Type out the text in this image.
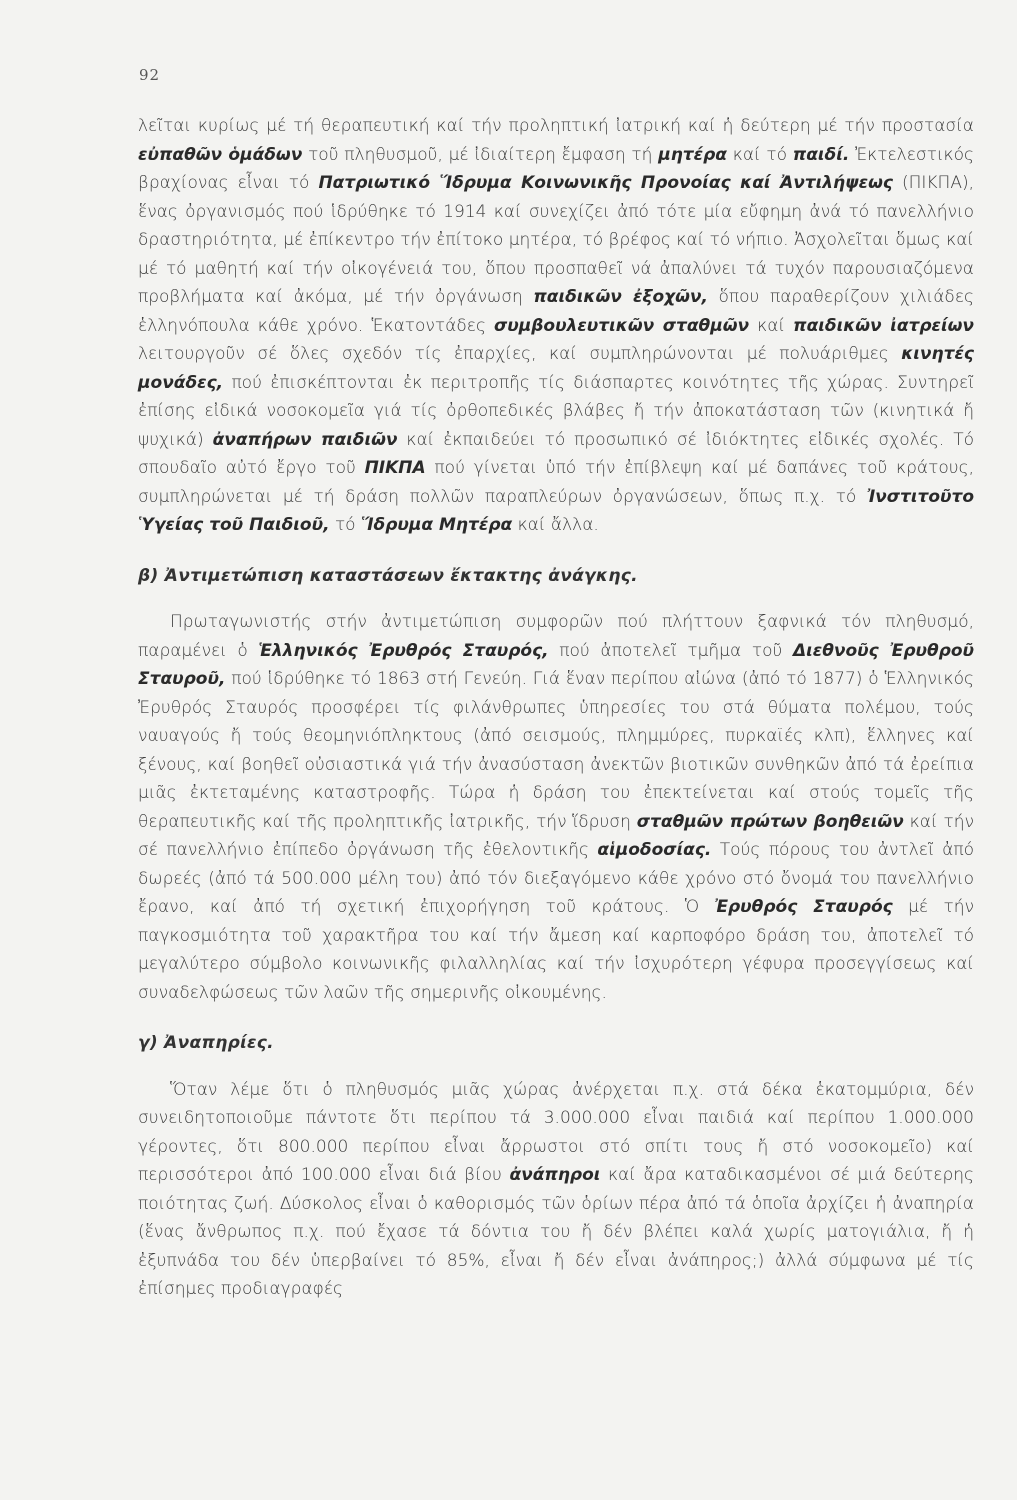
92

λεῖται κυρίως μέ τή θεραπευτική καί τήν προληπτική ἰατρική καί ἡ δεύτερη μέ τήν προστασία εὐπαθῶν ὁμάδων τοῦ πληθυσμοῦ, μέ ἰδιαίτερη ἔμφαση τή μητέρα καί τό παιδί. Ἐκτελεστικός βραχίονας εἶναι τό Πατριωτικό Ἵδρυμα Κοινωνικῆς Προνοίας καί Ἀντιλήψεως (ΠΙΚΠΑ), ἕνας ὀργανισμός πού ἱδρύθηκε τό 1914 καί συνεχίζει ἀπό τότε μία εὔφημη ἀνά τό πανελλήνιο δραστηριότητα, μέ ἐπίκεντρο τήν ἐπίτοκο μητέρα, τό βρέφος καί τό νήπιο. Ἀσχολεῖται ὅμως καί μέ τό μαθητή καί τήν οἰκογένειά του, ὅπου προσπαθεῖ νά ἀπαλύνει τά τυχόν παρουσιαζόμενα προβλήματα καί ἀκόμα, μέ τήν ὀργάνωση παιδικῶν ἐξοχῶν, ὅπου παραθερίζουν χιλιάδες ἑλληνόπουλα κάθε χρόνο. Ἑκατοντάδες συμβουλευτικῶν σταθμῶν καί παιδικῶν ἰατρείων λειτουργοῦν σέ ὅλες σχεδόν τίς ἐπαρχίες, καί συμπληρώνονται μέ πολυάριθμες κινητές μονάδες, πού ἐπισκέπτονται ἐκ περιτροπῆς τίς διάσπαρτες κοινότητες τῆς χώρας. Συντηρεῖ ἐπίσης εἰδικά νοσοκομεῖα γιά τίς ὀρθοπεδικές βλάβες ἤ τήν ἀποκατάσταση τῶν (κινητικά ἤ ψυχικά) ἀναπήρων παιδιῶν καί ἐκπαιδεύει τό προσωπικό σέ ἰδιόκτητες εἰδικές σχολές. Τό σπουδαῖο αὐτό ἔργο τοῦ ΠΙΚΠΑ πού γίνεται ὑπό τήν ἐπίβλεψη καί μέ δαπάνες τοῦ κράτους, συμπληρώνεται μέ τή δράση πολλῶν παραπλεύρων ὀργανώσεων, ὅπως π.χ. τό Ἰνστιτοῦτο Ὑγείας τοῦ Παιδιοῦ, τό Ἵδρυμα Μητέρα καί ἄλλα.

β) Ἀντιμετώπιση καταστάσεων ἔκτακτης ἀνάγκης.

Πρωταγωνιστής στήν ἀντιμετώπιση συμφορῶν πού πλήττουν ξαφνικά τόν πληθυσμό, παραμένει ὁ Ἑλληνικός Ἐρυθρός Σταυρός, πού ἀποτελεῖ τμῆμα τοῦ Διεθνοῦς Ἐρυθροῦ Σταυροῦ, πού ἱδρύθηκε τό 1863 στή Γενεύη. Γιά ἕναν περίπου αἰώνα (ἀπό τό 1877) ὁ Ἑλληνικός Ἐρυθρός Σταυρός προσφέρει τίς φιλάνθρωπες ὑπηρεσίες του στά θύματα πολέμου, τούς ναυαγούς ἤ τούς θεομηνιόπληκτους (ἀπό σεισμούς, πλημμύρες, πυρκαϊές κλπ), ἕλληνες καί ξένους, καί βοηθεῖ οὐσιαστικά γιά τήν ἀνασύσταση ἀνεκτῶν βιοτικῶν συνθηκῶν ἀπό τά ἐρείπια μιᾶς ἐκτεταμένης καταστροφῆς. Τώρα ἡ δράση του ἐπεκτείνεται καί στούς τομεῖς τῆς θεραπευτικῆς καί τῆς προληπτικῆς ἰατρικῆς, τήν ἵδρυση σταθμῶν πρώτων βοηθειῶν καί τήν σέ πανελλήνιο ἐπίπεδο ὀργάνωση τῆς ἐθελοντικῆς αἱμοδοσίας. Τούς πόρους του ἀντλεῖ ἀπό δωρεές (ἀπό τά 500.000 μέλη του) ἀπό τόν διεξαγόμενο κάθε χρόνο στό ὄνομά του πανελλήνιο ἔρανο, καί ἀπό τή σχετική ἐπιχορήγηση τοῦ κράτους. Ὁ Ἐρυθρός Σταυρός μέ τήν παγκοσμιότητα τοῦ χαρακτῆρα του καί τήν ἄμεση καί καρποφόρο δράση του, ἀποτελεῖ τό μεγαλύτερο σύμβολο κοινωνικῆς φιλαλληλίας καί τήν ἰσχυρότερη γέφυρα προσεγγίσεως καί συναδελφώσεως τῶν λαῶν τῆς σημερινῆς οἰκουμένης.

γ) Ἀναπηρίες.

Ὅταν λέμε ὅτι ὁ πληθυσμός μιᾶς χώρας ἀνέρχεται π.χ. στά δέκα ἑκατομμύρια, δέν συνειδητοποιοῦμε πάντοτε ὅτι περίπου τά 3.000.000 εἶναι παιδιά καί περίπου 1.000.000 γέροντες, ὅτι 800.000 περίπου εἶναι ἄρρωστοι στό σπίτι τους ἤ στό νοσοκομεῖο) καί περισσότεροι ἀπό 100.000 εἶναι διά βίου ἀνάπηροι καί ἄρα καταδικασμένοι σέ μιά δεύτερης ποιότητας ζωή. Δύσκολος εἶναι ὁ καθορισμός τῶν ὁρίων πέρα ἀπό τά ὁποῖα ἀρχίζει ἡ ἀναπηρία (ἕνας ἄνθρωπος π.χ. πού ἔχασε τά δόντια του ἤ δέν βλέπει καλά χωρίς ματογιάλια, ἤ ἡ ἐξυπνάδα του δέν ὑπερβαίνει τό 85%, εἶναι ἤ δέν εἶναι ἀνάπηρος;) ἀλλά σύμφωνα μέ τίς ἐπίσημες προδιαγραφές
